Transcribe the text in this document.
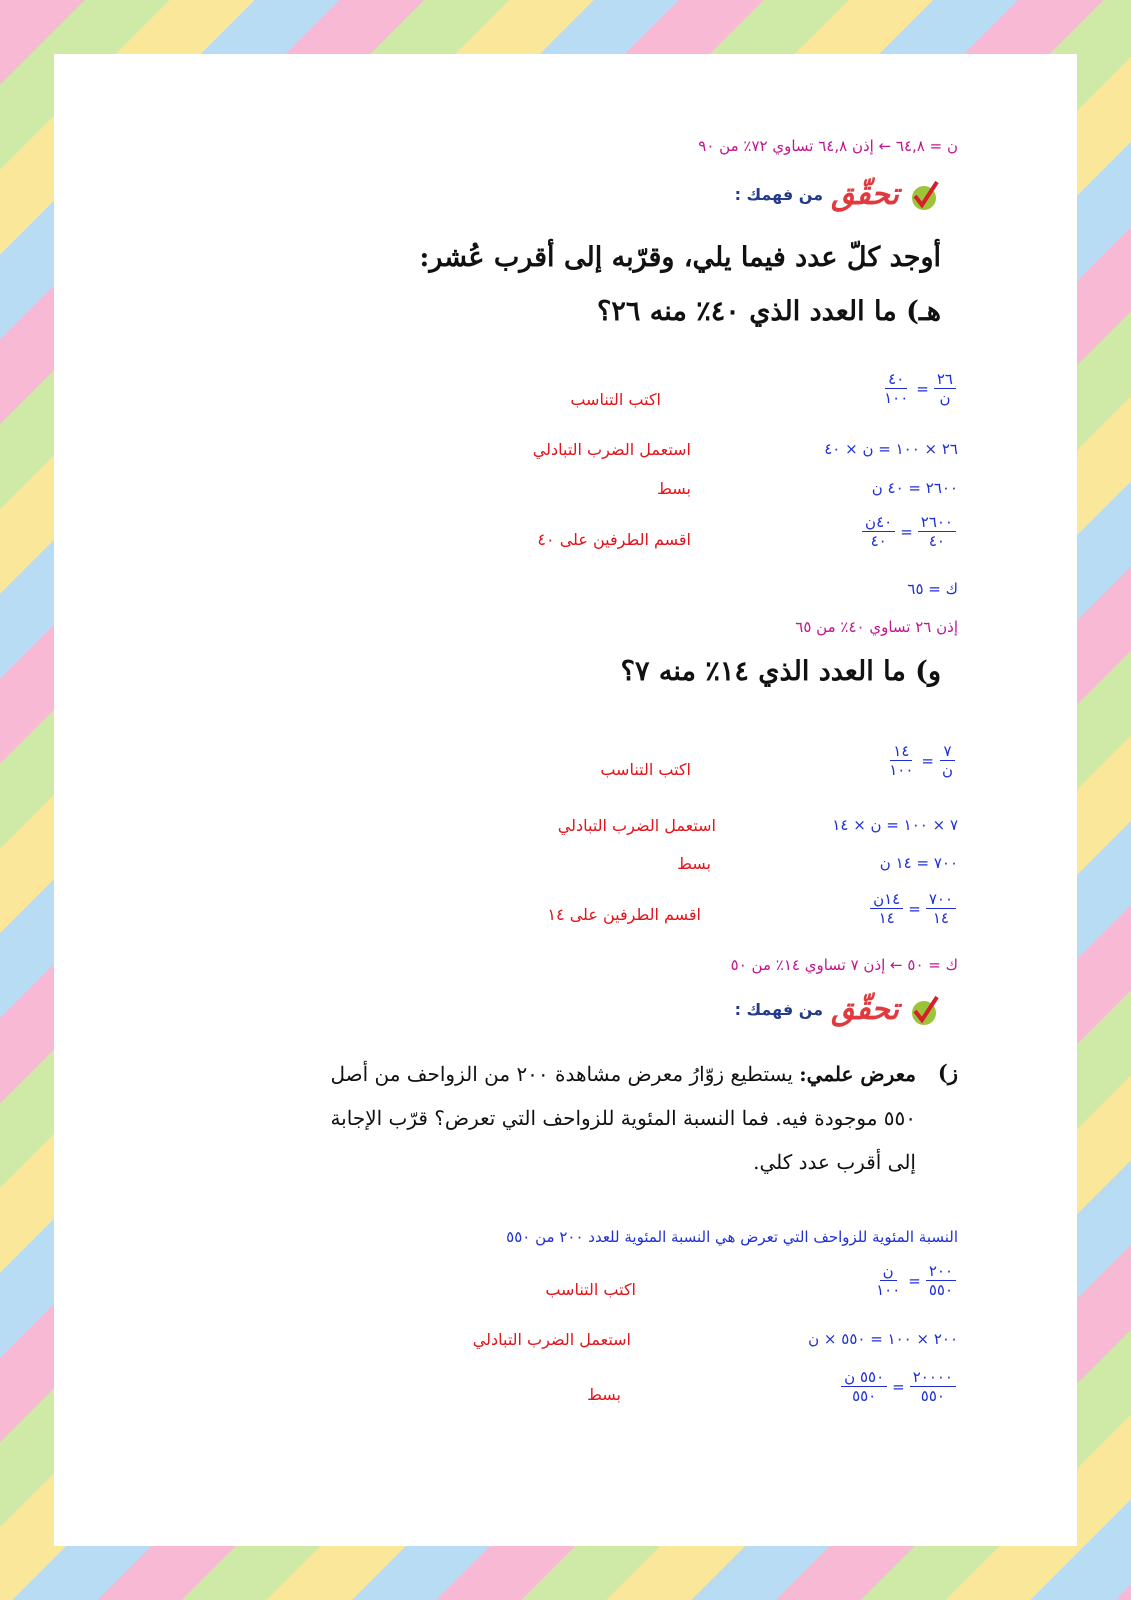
ن = ٦٤,٨ ← إذن ٦٤,٨ تساوي ٧٢٪ من ٩٠
تحقّق
من فهمك :
أوجد كلّ عدد فيما يلي، وقرّبه إلى أقرب عُشر:
هـ) ما العدد الذي ٤٠٪ منه ٢٦؟
$\frac{٢٦}{\text{ن}}$
=
$\frac{٤٠}{١٠٠}$
اكتب التناسب
٢٦ × ١٠٠ = ن × ٤٠
استعمل الضرب التبادلي
٢٦٠٠ = ٤٠ ن
بسط
$\frac{٢٦٠٠}{٤٠}$
=
$\frac{\text{٤٠ن}}{٤٠}$
اقسم الطرفين على ٤٠
ك = ٦٥
إذن ٢٦ تساوي ٤٠٪ من ٦٥
و) ما العدد الذي ١٤٪ منه ٧؟
$\frac{٧}{\text{ن}}$
=
$\frac{١٤}{١٠٠}$
اكتب التناسب
٧ × ١٠٠ = ن × ١٤
استعمل الضرب التبادلي
٧٠٠ = ١٤ ن
بسط
$\frac{٧٠٠}{١٤}$
=
$\frac{\text{١٤ن}}{١٤}$
اقسم الطرفين على ١٤
ك = ٥٠ ← إذن ٧ تساوي ١٤٪ من ٥٠
تحقّق
من فهمك :
ز)
معرض علمي: يستطيع زوّارُ معرض مشاهدة ٢٠٠ من الزواحف من أصل ٥٥٠ موجودة فيه. فما النسبة المئوية للزواحف التي تعرض؟ قرّب الإجابة إلى أقرب عدد كلي.
النسبة المئوية للزواحف التي تعرض هي النسبة المئوية للعدد ٢٠٠ من ٥٥٠
$\frac{٢٠٠}{٥٥٠}$
=
$\frac{\text{ن}}{١٠٠}$
اكتب التناسب
٢٠٠ × ١٠٠ = ٥٥٠ × ن
استعمل الضرب التبادلي
$\frac{٢٠٠٠٠}{٥٥٠}$
=
$\frac{\text{٥٥٠ ن}}{٥٥٠}$
بسط
